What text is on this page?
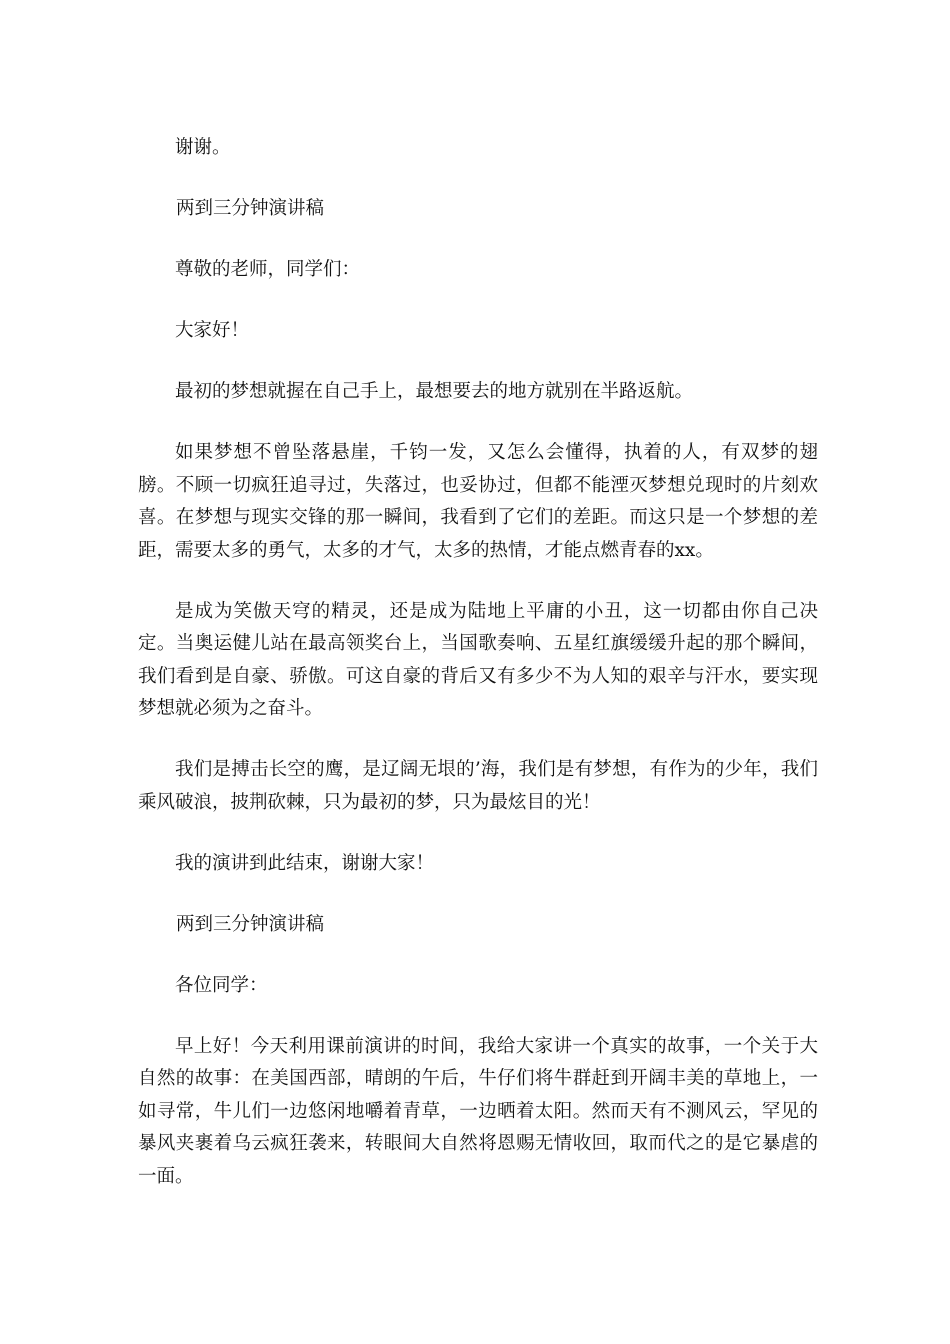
谢谢。

两到三分钟演讲稿

尊敬的老师，同学们：

大家好！

最初的梦想就握在自己手上，最想要去的地方就别在半路返航。

如果梦想不曾坠落悬崖，千钧一发，又怎么会懂得，执着的人，有双梦的翅膀。不顾一切疯狂追寻过，失落过，也妥协过，但都不能湮灭梦想兑现时的片刻欢喜。在梦想与现实交锋的那一瞬间，我看到了它们的差距。而这只是一个梦想的差距，需要太多的勇气，太多的才气，太多的热情，才能点燃青春的xx。

是成为笑傲天穹的精灵，还是成为陆地上平庸的小丑，这一切都由你自己决定。当奥运健儿站在最高领奖台上，当国歌奏响、五星红旗缓缓升起的那个瞬间，我们看到是自豪、骄傲。可这自豪的背后又有多少不为人知的艰辛与汗水，要实现梦想就必须为之奋斗。

我们是搏击长空的鹰，是辽阔无垠的’海，我们是有梦想，有作为的少年，我们乘风破浪，披荆砍棘，只为最初的梦，只为最炫目的光！

我的演讲到此结束，谢谢大家！

两到三分钟演讲稿

各位同学：

早上好！今天利用课前演讲的时间，我给大家讲一个真实的故事，一个关于大自然的故事：在美国西部，晴朗的午后，牛仔们将牛群赶到开阔丰美的草地上，一如寻常，牛儿们一边悠闲地嚼着青草，一边晒着太阳。然而天有不测风云，罕见的暴风夹裹着乌云疯狂袭来，转眼间大自然将恩赐无情收回，取而代之的是它暴虐的一面。
